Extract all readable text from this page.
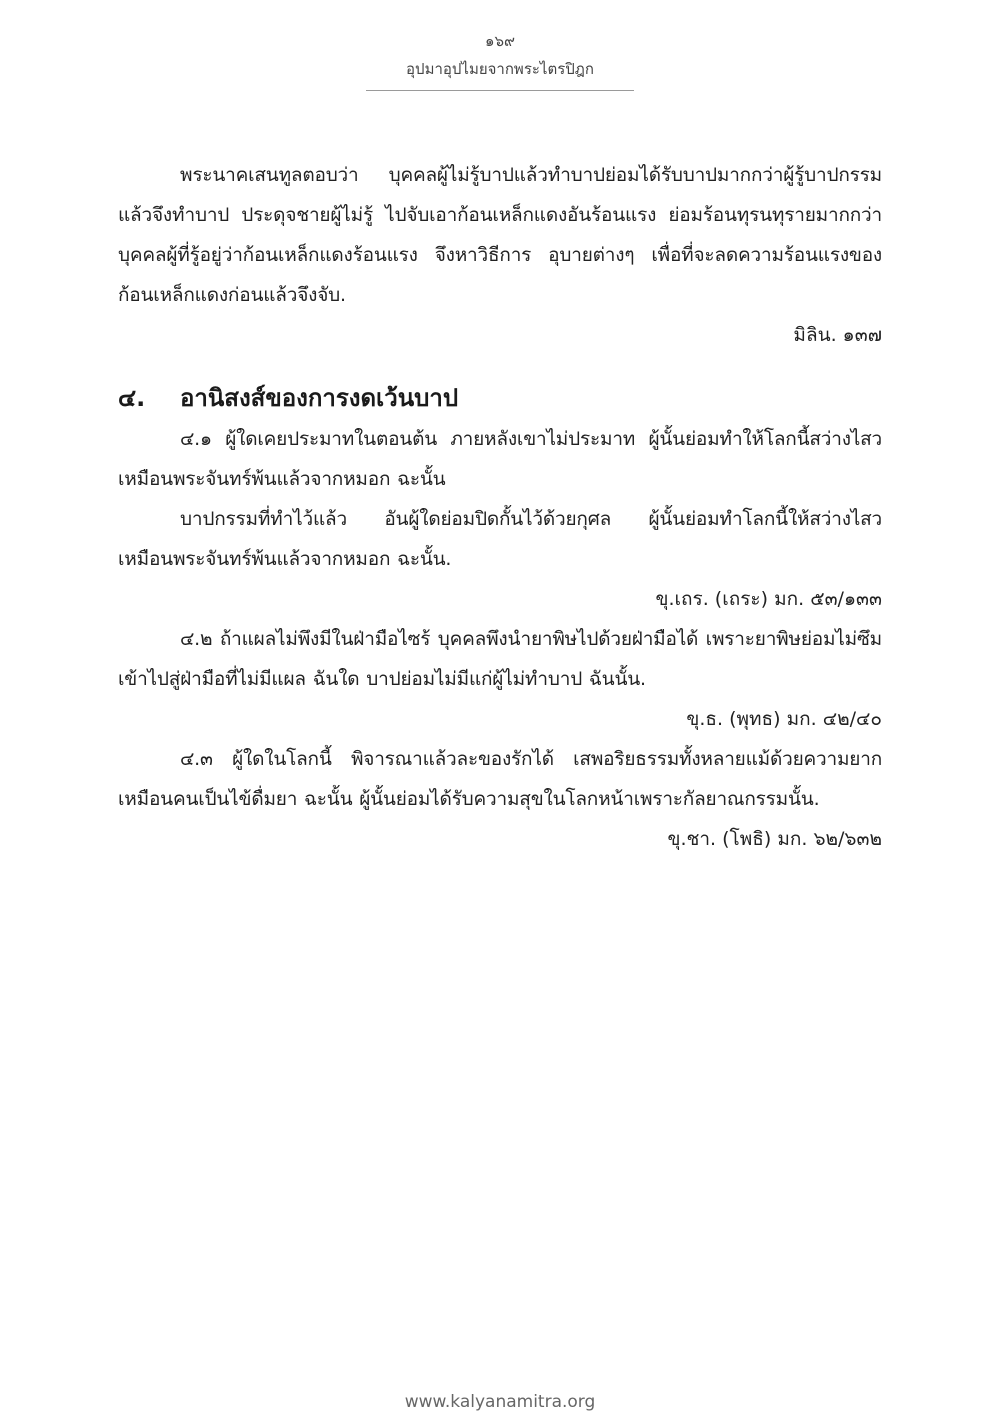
๑๖๙
อุปมาอุปไมยจากพระไตรปิฎก

พระนาคเสนทูลตอบว่า บุคคลผู้ไม่รู้บาปแล้วทำบาปย่อมได้รับบาปมากกว่าผู้รู้บาปกรรมแล้วจึงทำบาป ประดุจชายผู้ไม่รู้ ไปจับเอาก้อนเหล็กแดงอันร้อนแรง ย่อมร้อนทุรนทุรายมากกว่าบุคคลผู้ที่รู้อยู่ว่าก้อนเหล็กแดงร้อนแรง จึงหาวิธีการ อุบายต่างๆ เพื่อที่จะลดความร้อนแรงของก้อนเหล็กแดงก่อนแล้วจึงจับ.

มิลิน. ๑๓๗

๔. อานิสงส์ของการงดเว้นบาป

๔.๑ ผู้ใดเคยประมาทในตอนต้น ภายหลังเขาไม่ประมาท ผู้นั้นย่อมทำให้โลกนี้สว่างไสวเหมือนพระจันทร์พ้นแล้วจากหมอก ฉะนั้น

บาปกรรมที่ทำไว้แล้ว อันผู้ใดย่อมปิดกั้นไว้ด้วยกุศล ผู้นั้นย่อมทำโลกนี้ให้สว่างไสว เหมือนพระจันทร์พ้นแล้วจากหมอก ฉะนั้น.

ขุ.เถร. (เถระ) มก. ๕๓/๑๓๓

๔.๒ ถ้าแผลไม่พึงมีในฝ่ามือไซร้ บุคคลพึงนำยาพิษไปด้วยฝ่ามือได้ เพราะยาพิษย่อมไม่ซึมเข้าไปสู่ฝ่ามือที่ไม่มีแผล ฉันใด บาปย่อมไม่มีแก่ผู้ไม่ทำบาป ฉันนั้น.

ขุ.ธ. (พุทธ) มก. ๔๒/๔๐

๔.๓ ผู้ใดในโลกนี้ พิจารณาแล้วละของรักได้ เสพอริยธรรมทั้งหลายแม้ด้วยความยากเหมือนคนเป็นไข้ดื่มยา ฉะนั้น ผู้นั้นย่อมได้รับความสุขในโลกหน้าเพราะกัลยาณกรรมนั้น.

ขุ.ชา. (โพธิ) มก. ๖๒/๖๓๒

www.kalyanamitra.org
